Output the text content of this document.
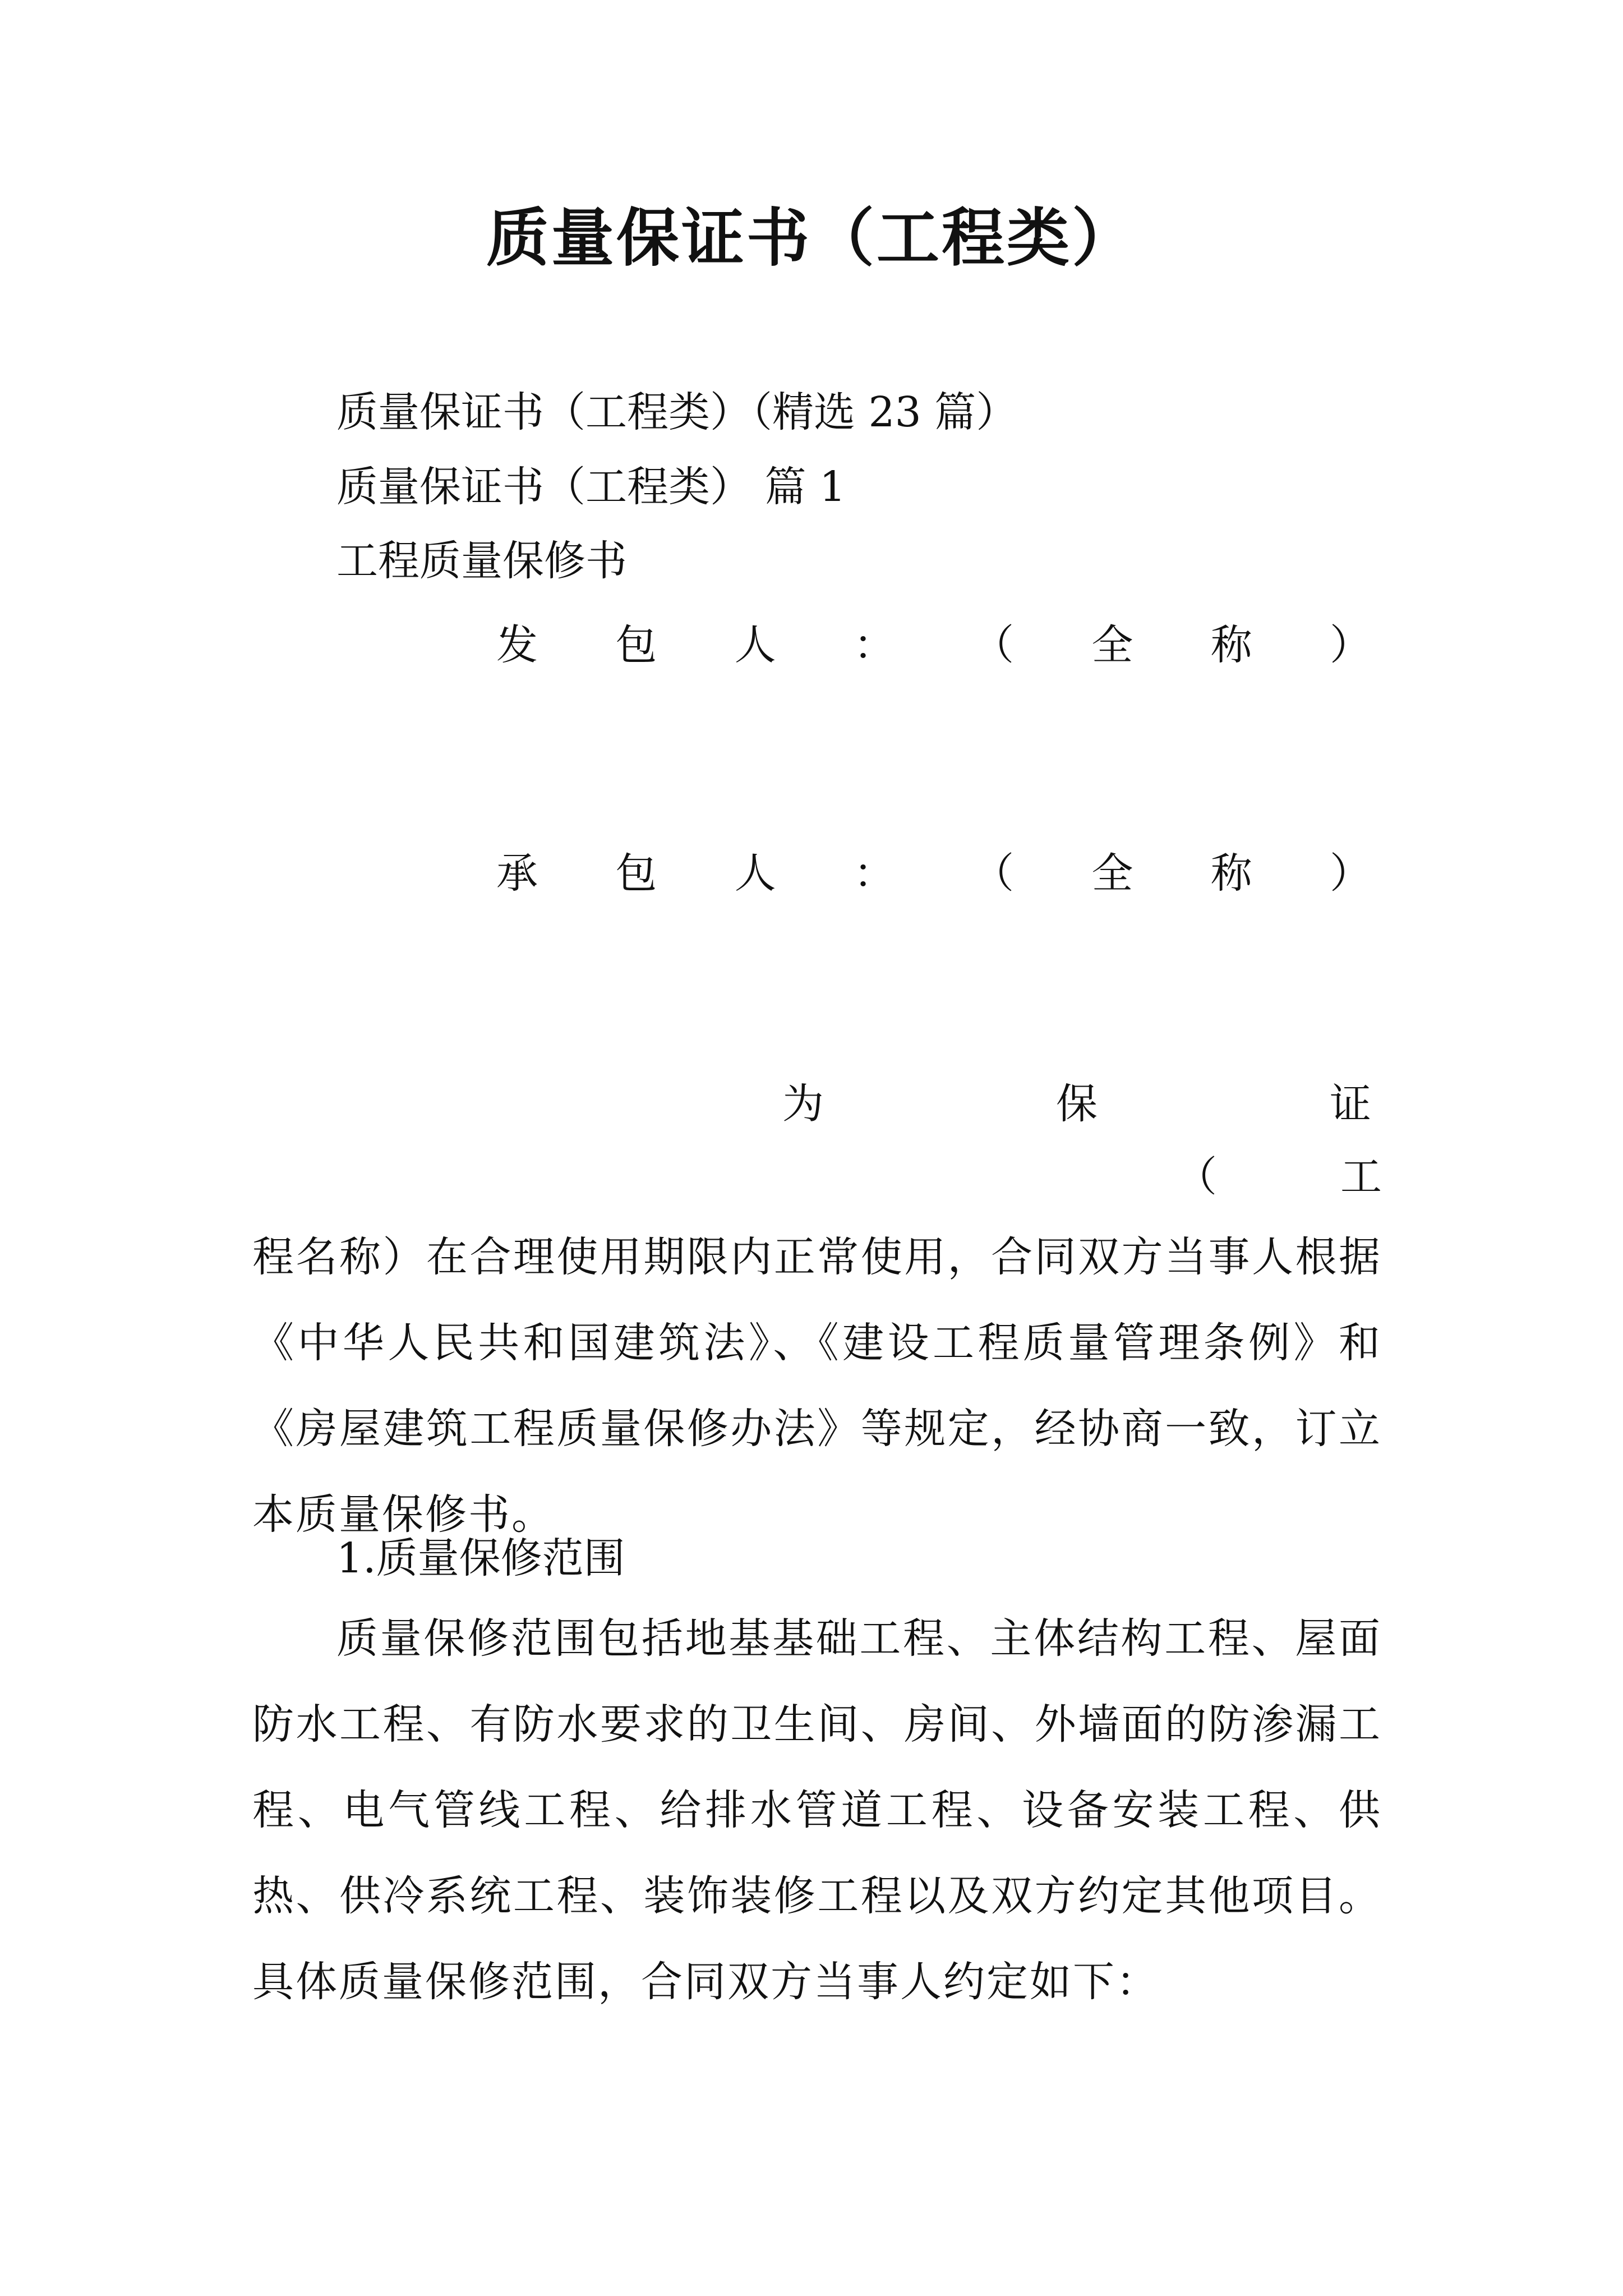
质量保证书（工程类）
质量保证书（工程类）（精选 23 篇）
质量保证书（工程类） 篇 1
工程质量保修书
发 包 人 ： （ 全 称 ）
承 包 人 ： （ 全 称 ）
为	保	证
（	工
程名称）在合理使用期限内正常使用，合同双方当事人根据《中华人民共和国建筑法》、《建设工程质量管理条例》和《房屋建筑工程质量保修办法》等规定，经协商一致，订立本质量保修书。
1.质量保修范围
质量保修范围包括地基基础工程、主体结构工程、屋面防水工程、有防水要求的卫生间、房间、外墙面的防渗漏工程、电气管线工程、给排水管道工程、设备安装工程、供热、供冷系统工程、装饰装修工程以及双方约定其他项目。具体质量保修范围，合同双方当事人约定如下：
